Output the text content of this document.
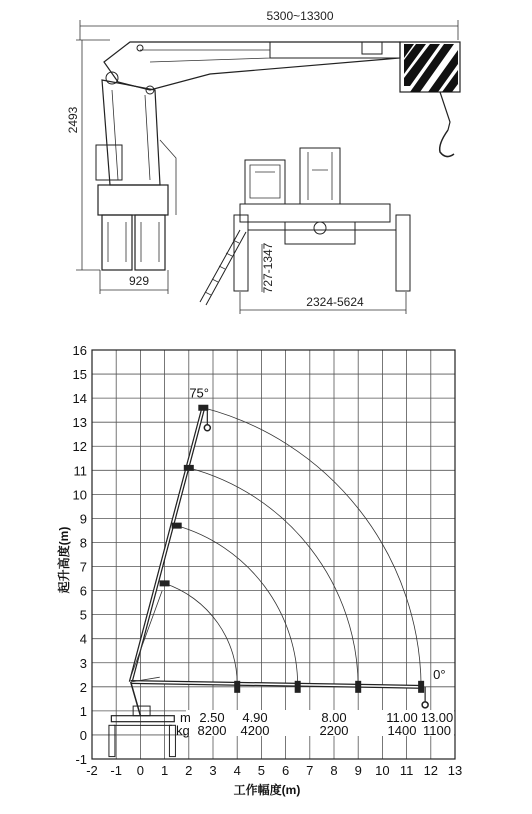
5300~13300
2493
929	727-1347
2324-5624
-2 -1 0 1 2 3 4 5 6 7 8 9 10 11 12 13
-1
0
1
2
3
4
5
6
7
8
9
10
11
12
13
14
15
16
工作幅度(m)
起升高度(m)
75°
0°
m
kg
2.50 4.90	8.00	11.00 13.00
8200 4200	2200	1400 1100
